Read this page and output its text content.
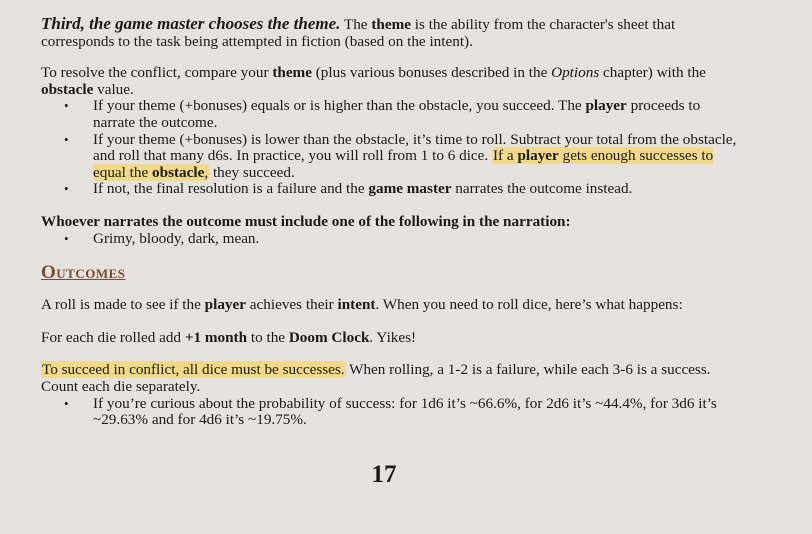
Third, the game master chooses the theme. The theme is the ability from the character's sheet that corresponds to the task being attempted in fiction (based on the intent).

To resolve the conflict, compare your theme (plus various bonuses described in the Options chapter) with the obstacle value.

• If your theme (+bonuses) equals or is higher than the obstacle, you succeed. The player proceeds to narrate the outcome.
• If your theme (+bonuses) is lower than the obstacle, it’s time to roll. Subtract your total from the obstacle, and roll that many d6s. In practice, you will roll from 1 to 6 dice. If a player gets enough successes to equal the obstacle, they succeed.
• If not, the final resolution is a failure and the game master narrates the outcome instead.

Whoever narrates the outcome must include one of the following in the narration:

• Grimy, bloody, dark, mean.
Outcomes

A roll is made to see if the player achieves their intent. When you need to roll dice, here’s what happens:

For each die rolled add +1 month to the Doom Clock. Yikes!

To succeed in conflict, all dice must be successes. When rolling, a 1-2 is a failure, while each 3-6 is a success. Count each die separately.

• If you’re curious about the probability of success: for 1d6 it’s ~66.6%, for 2d6 it’s ~44.4%, for 3d6 it’s ~29.63% and for 4d6 it’s ~19.75%.
17
